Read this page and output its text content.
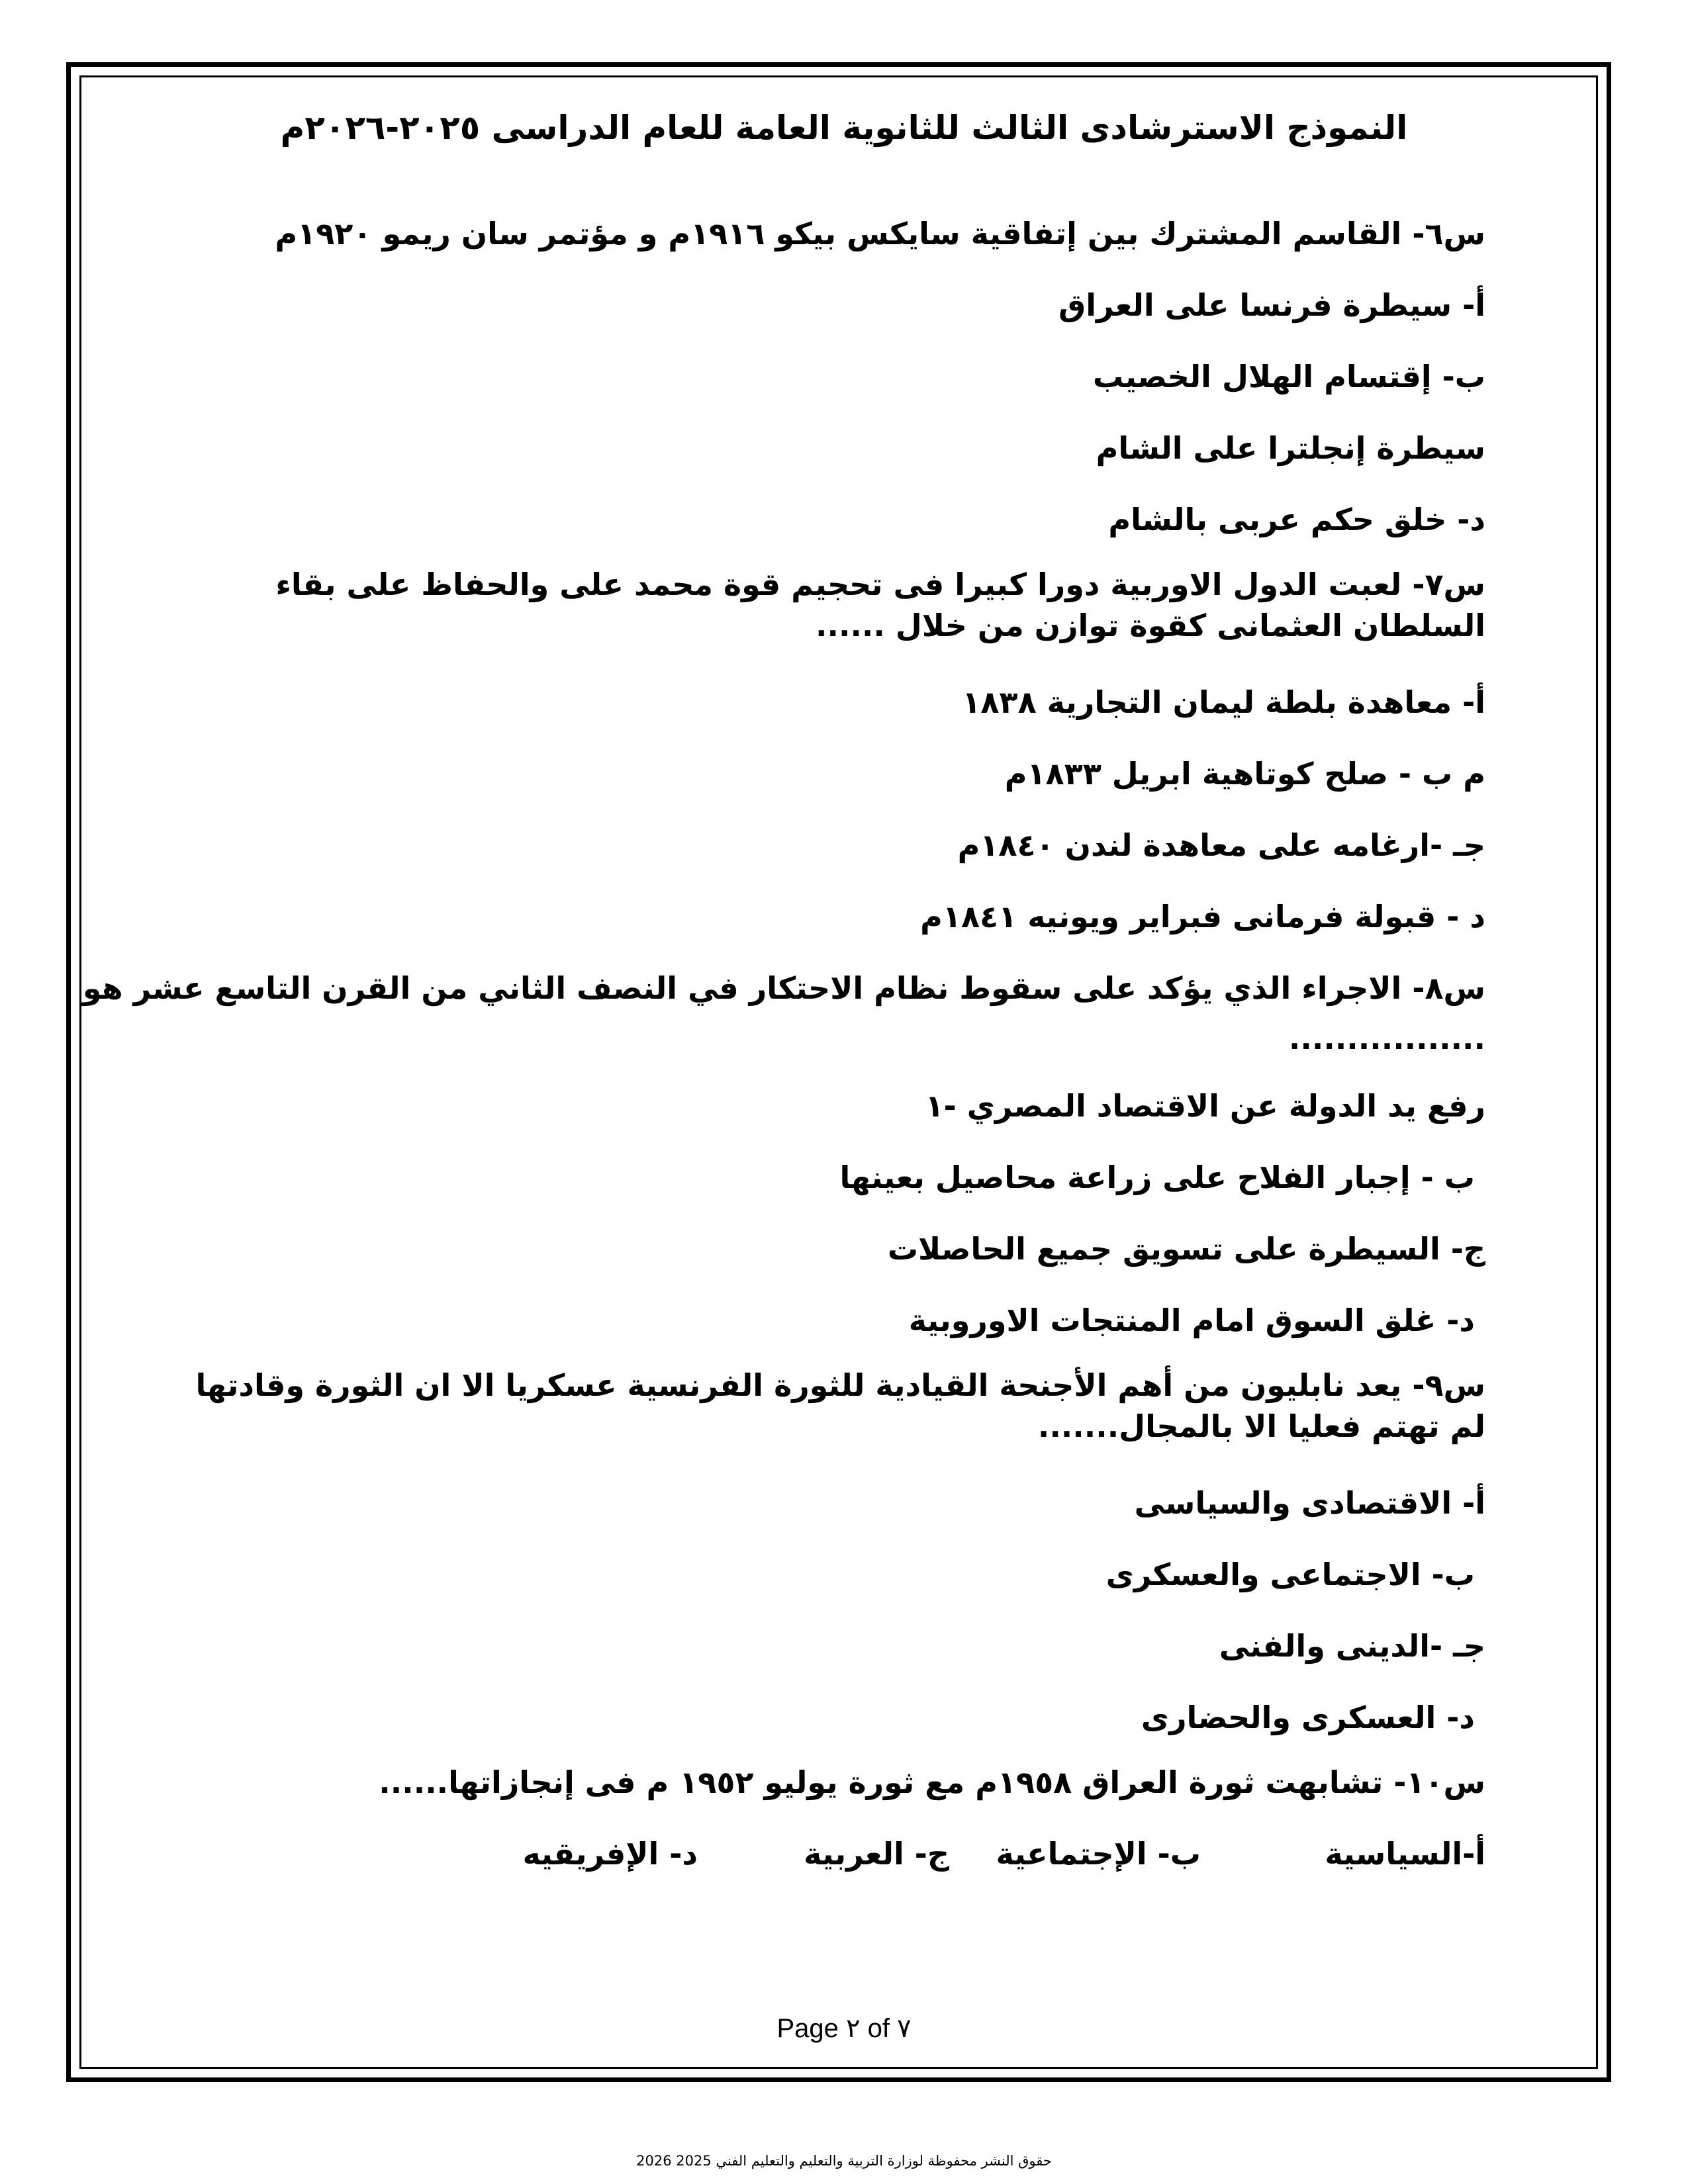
النموذج الاسترشادى الثالث للثانوية العامة للعام الدراسى ٢٠٢٥-٢٠٢٦م
س٦- القاسم المشترك بين إتفاقية سايكس بيكو ١٩١٦م و مؤتمر سان ريمو ١٩٢٠م
أ- سيطرة فرنسا على العراق
ب- إقتسام الهلال الخصيب
سيطرة إنجلترا على الشام
د- خلق حكم عربى بالشام
س٧- لعبت الدول الاوربية دورا كبيرا فى تحجيم قوة محمد على والحفاظ على بقاء السلطان العثمانى كقوة توازن من خلال ......
أ- معاهدة بلطة ليمان التجارية ١٨٣٨
م ب - صلح كوتاهية ابريل ١٨٣٣م
جـ -ارغامه على معاهدة لندن ١٨٤٠م
د - قبولة فرمانى فبراير ويونيه ١٨٤١م
س٨- الاجراء الذي يؤكد على سقوط نظام الاحتكار في النصف الثاني من القرن التاسع عشر هو
.................
رفع يد الدولة عن الاقتصاد المصري -١
ب - إجبار الفلاح على زراعة محاصيل بعينها
ج- السيطرة على تسويق جميع الحاصلات
د- غلق السوق امام المنتجات الاوروبية
س٩- يعد نابليون من أهم الأجنحة القيادية للثورة الفرنسية عسكريا الا ان الثورة وقادتها لم تهتم فعليا الا بالمجال.......
أ- الاقتصادى والسياسى
ب- الاجتماعى والعسكرى
جـ -الدينى والفنى
د- العسكرى والحضارى
س١٠- تشابهت ثورة العراق ١٩٥٨م مع ثورة يوليو ١٩٥٢ م فى إنجازاتها......
أ-السياسية
ب- الإجتماعية
ج- العربية
د- الإفريقيه
Page ٢ of ٧
حقوق النشر محفوظة لوزارة التربية والتعليم والتعليم الفني 2025 2026
